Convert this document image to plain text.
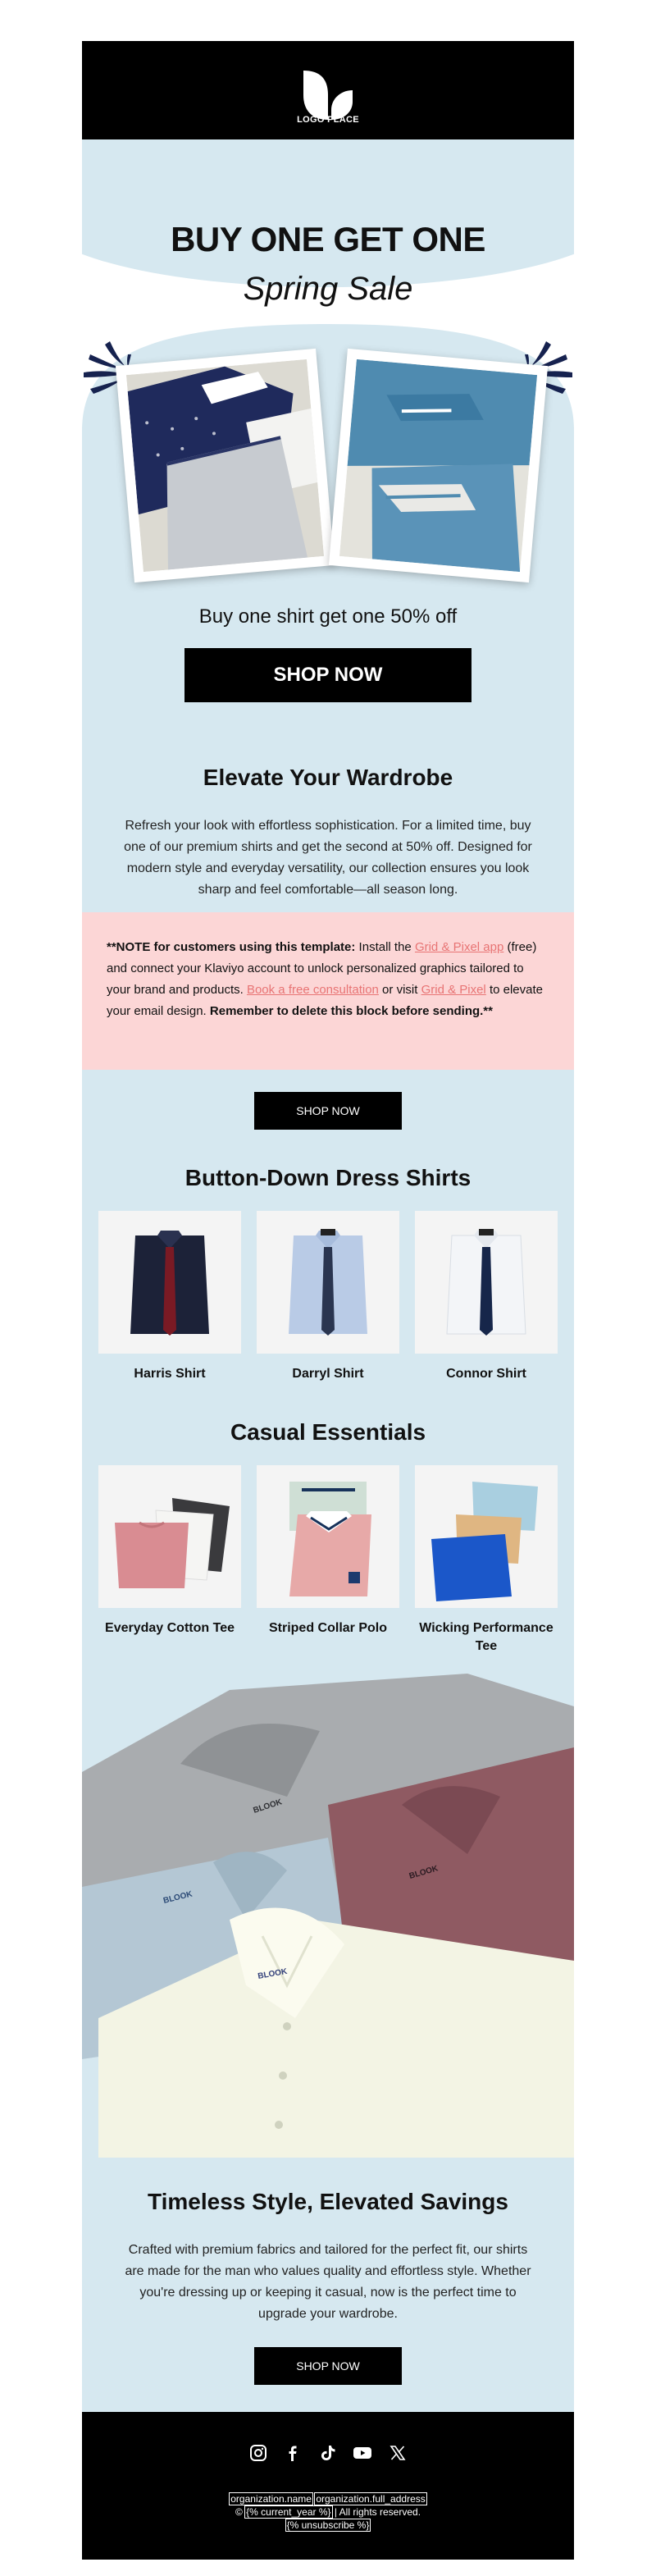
LOGO PLACE
BUY ONE GET ONE
Spring Sale
Buy one shirt get one 50% off
SHOP NOW
Elevate Your Wardrobe
Refresh your look with effortless sophistication. For a limited time, buy one of our premium shirts and get the second at 50% off. Designed for modern style and everyday versatility, our collection ensures you look sharp and feel comfortable—all season long.
**NOTE for customers using this template: Install the Grid & Pixel app (free) and connect your Klaviyo account to unlock personalized graphics tailored to your brand and products. Book a free consultation or visit Grid & Pixel to elevate your email design. Remember to delete this block before sending.**
SHOP NOW
Button-Down Dress Shirts
Harris Shirt	Darryl Shirt	Connor Shirt
Casual Essentials
Everyday Cotton Tee	Striped Collar Polo	Wicking Performance Tee
BLOOK
BLOOK
BLOOK
BLOOK
Timeless Style, Elevated Savings
Crafted with premium fabrics and tailored for the perfect fit, our shirts are made for the man who values quality and effortless style. Whether you're dressing up or keeping it casual, now is the perfect time to upgrade your wardrobe.
SHOP NOW
organization.name organization.full_address
© {% current_year %} | All rights reserved.
{% unsubscribe %}
